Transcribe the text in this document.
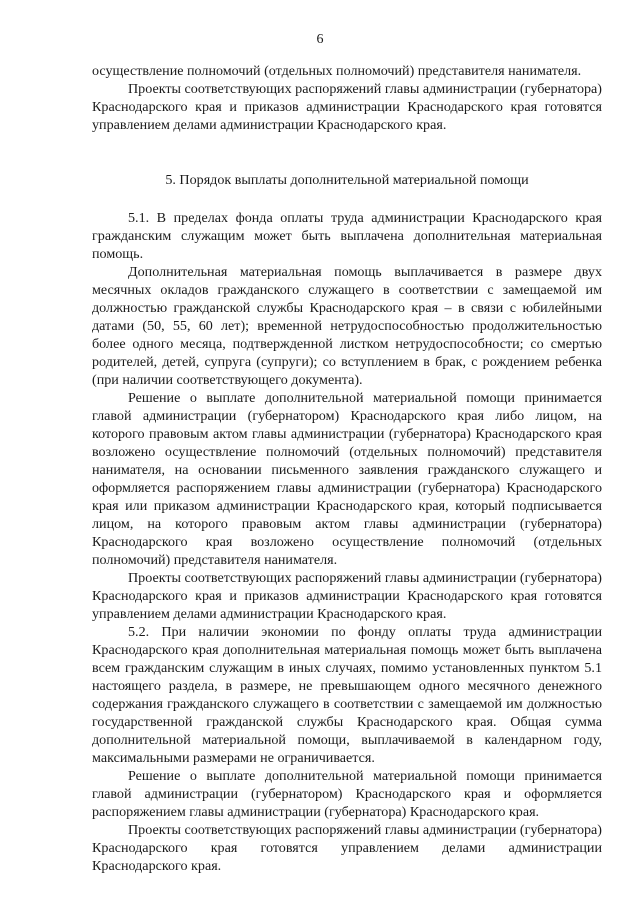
6

осуществление полномочий (отдельных полномочий) представителя нанимателя.

Проекты соответствующих распоряжений главы администрации (губернатора) Краснодарского края и приказов администрации Краснодарского края готовятся управлением делами администрации Краснодарского края.

5. Порядок выплаты дополнительной материальной помощи

5.1. В пределах фонда оплаты труда администрации Краснодарского края гражданским служащим может быть выплачена дополнительная материальная помощь.

Дополнительная материальная помощь выплачивается в размере двух месячных окладов гражданского служащего в соответствии с замещаемой им должностью гражданской службы Краснодарского края – в связи с юбилейными датами (50, 55, 60 лет); временной нетрудоспособностью продолжительностью более одного месяца, подтвержденной листком нетрудоспособности; со смертью родителей, детей, супруга (супруги); со вступлением в брак, с рождением ребенка (при наличии соответствующего документа).

Решение о выплате дополнительной материальной помощи принимается главой администрации (губернатором) Краснодарского края либо лицом, на которого правовым актом главы администрации (губернатора) Краснодарского края возложено осуществление полномочий (отдельных полномочий) представителя нанимателя, на основании письменного заявления гражданского служащего и оформляется распоряжением главы администрации (губернатора) Краснодарского края или приказом администрации Краснодарского края, который подписывается лицом, на которого правовым актом главы администрации (губернатора) Краснодарского края возложено осуществление полномочий (отдельных полномочий) представителя нанимателя.

Проекты соответствующих распоряжений главы администрации (губернатора) Краснодарского края и приказов администрации Краснодарского края готовятся управлением делами администрации Краснодарского края.

5.2. При наличии экономии по фонду оплаты труда администрации Краснодарского края дополнительная материальная помощь может быть выплачена всем гражданским служащим в иных случаях, помимо установленных пунктом 5.1 настоящего раздела, в размере, не превышающем одного месячного денежного содержания гражданского служащего в соответствии с замещаемой им должностью государственной гражданской службы Краснодарского края. Общая сумма дополнительной материальной помощи, выплачиваемой в календарном году, максимальными размерами не ограничивается.

Решение о выплате дополнительной материальной помощи принимается главой администрации (губернатором) Краснодарского края и оформляется распоряжением главы администрации (губернатора) Краснодарского края.

Проекты соответствующих распоряжений главы администрации (губернатора) Краснодарского края готовятся управлением делами администрации Краснодарского края.
